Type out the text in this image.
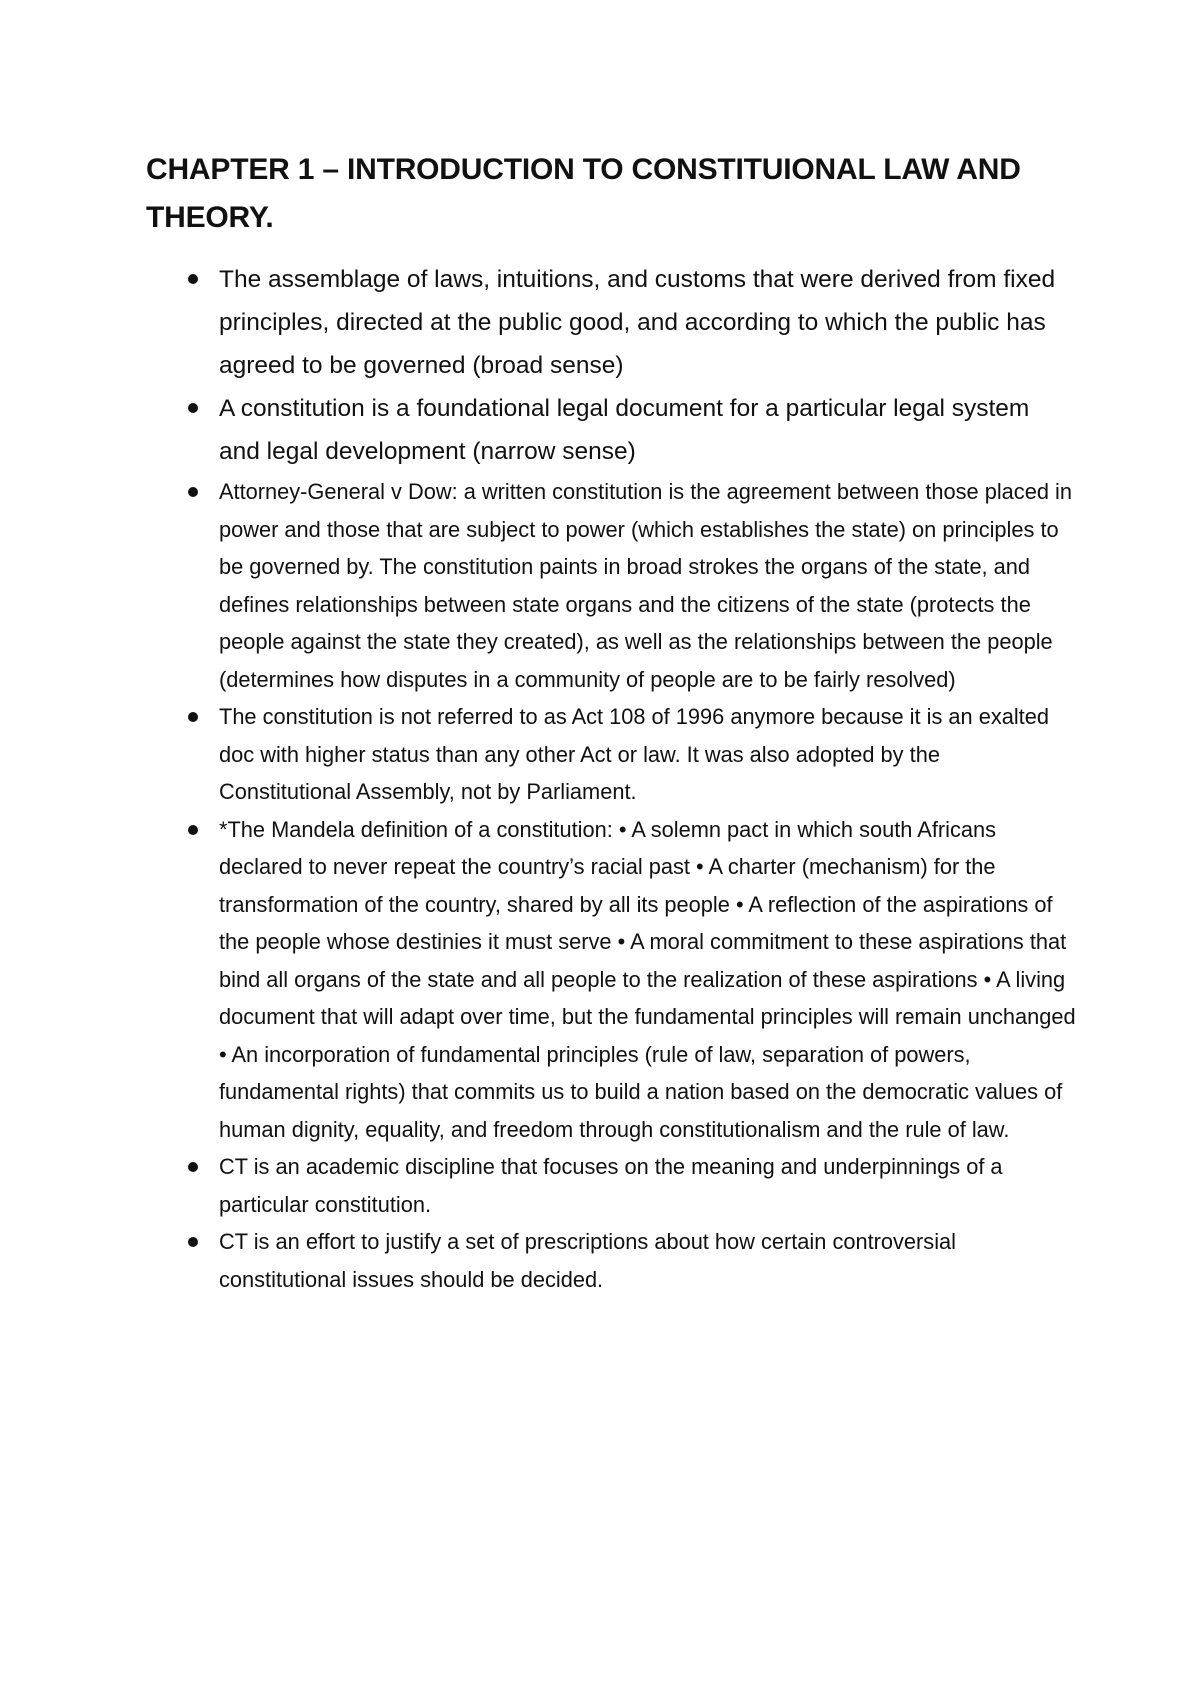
CHAPTER 1 – INTRODUCTION TO CONSTITUIONAL LAW AND THEORY.
The assemblage of laws, intuitions, and customs that were derived from fixed principles, directed at the public good, and according to which the public has agreed to be governed (broad sense)
A constitution is a foundational legal document for a particular legal system and legal development (narrow sense)
Attorney-General v Dow: a written constitution is the agreement between those placed in power and those that are subject to power (which establishes the state) on principles to be governed by. The constitution paints in broad strokes the organs of the state, and defines relationships between state organs and the citizens of the state (protects the people against the state they created), as well as the relationships between the people (determines how disputes in a community of people are to be fairly resolved)
The constitution is not referred to as Act 108 of 1996 anymore because it is an exalted doc with higher status than any other Act or law. It was also adopted by the Constitutional Assembly, not by Parliament.
*The Mandela definition of a constitution: • A solemn pact in which south Africans declared to never repeat the country’s racial past • A charter (mechanism) for the transformation of the country, shared by all its people • A reflection of the aspirations of the people whose destinies it must serve • A moral commitment to these aspirations that bind all organs of the state and all people to the realization of these aspirations • A living document that will adapt over time, but the fundamental principles will remain unchanged • An incorporation of fundamental principles (rule of law, separation of powers, fundamental rights) that commits us to build a nation based on the democratic values of human dignity, equality, and freedom through constitutionalism and the rule of law.
CT is an academic discipline that focuses on the meaning and underpinnings of a particular constitution.
CT is an effort to justify a set of prescriptions about how certain controversial constitutional issues should be decided.
